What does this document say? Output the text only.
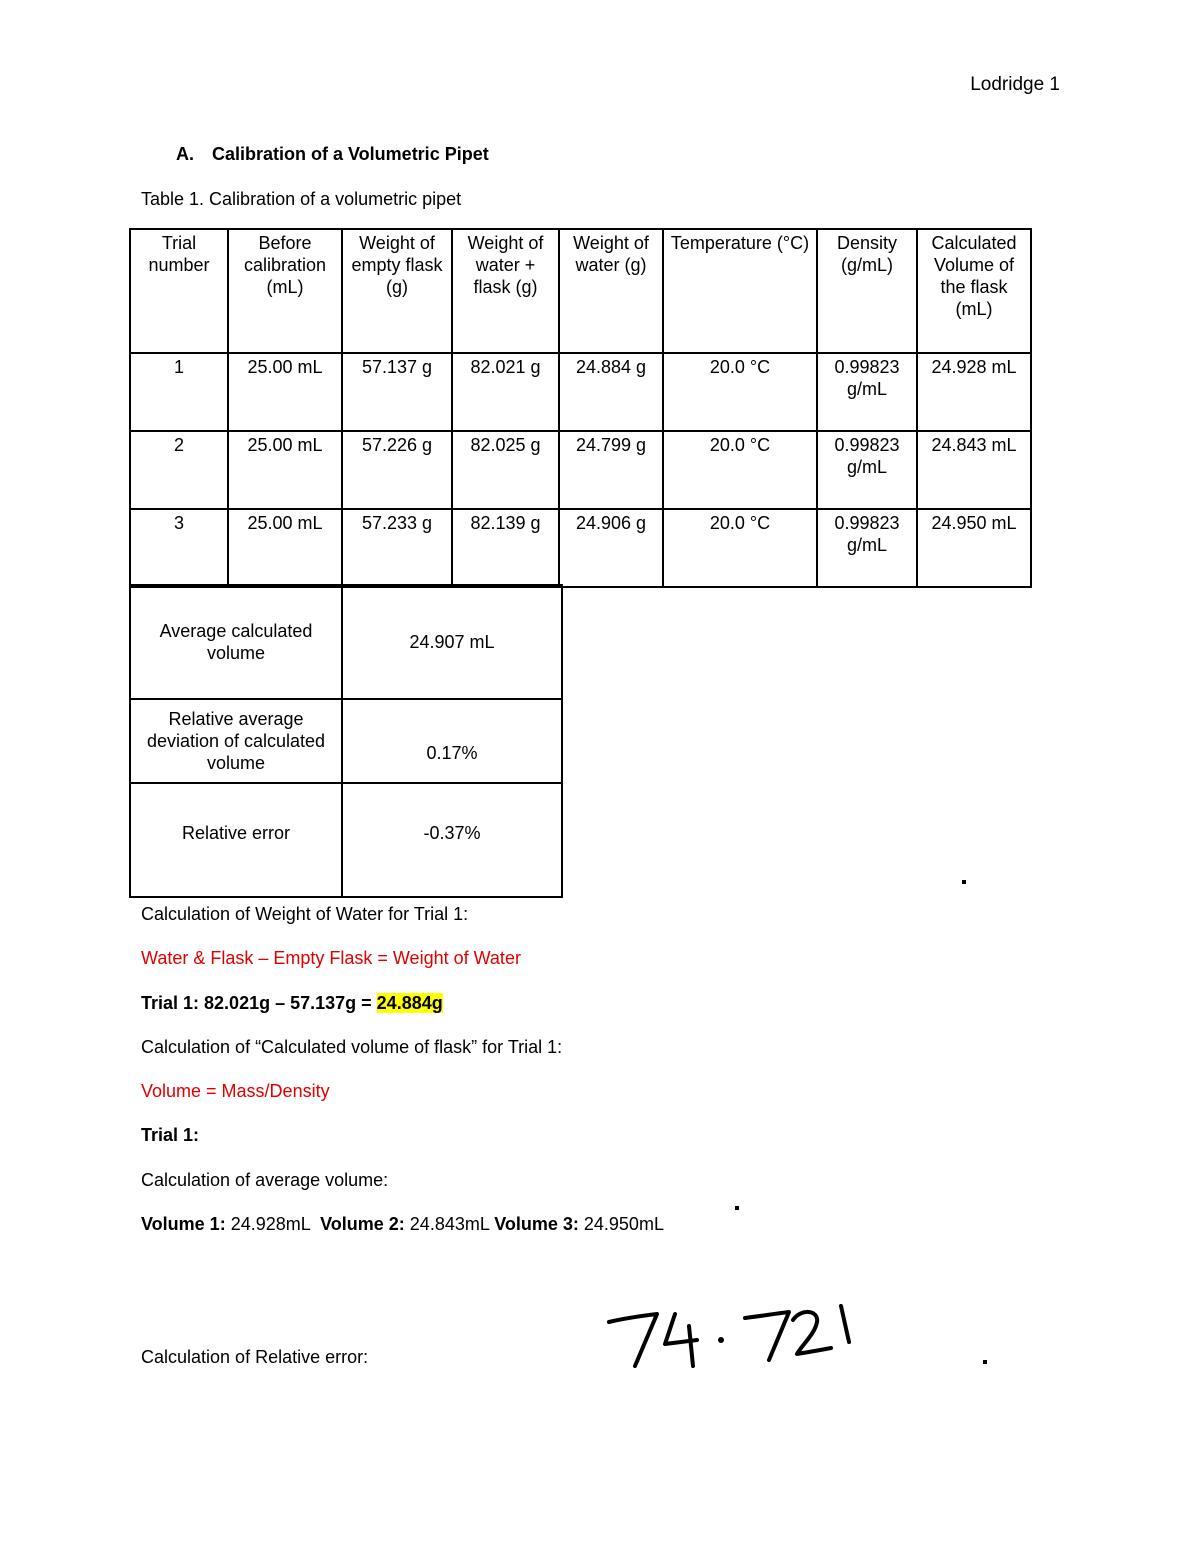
Lodridge 1
A. Calibration of a Volumetric Pipet
Table 1. Calibration of a volumetric pipet
Trial number	Before calibration (mL)	Weight of empty flask (g)	Weight of water + flask (g)	Weight of water (g)	Temperature (°C)	Density (g/mL)	Calculated Volume of the flask (mL)
1	25.00 mL	57.137 g	82.021 g	24.884 g	20.0 °C	0.99823 g/mL	24.928 mL
2	25.00 mL	57.226 g	82.025 g	24.799 g	20.0 °C	0.99823 g/mL	24.843 mL
3	25.00 mL	57.233 g	82.139 g	24.906 g	20.0 °C	0.99823 g/mL	24.950 mL
Average calculated volume	24.907 mL
Relative average deviation of calculated volume	0.17%
Relative error	-0.37%
Calculation of Weight of Water for Trial 1:
Water & Flask – Empty Flask = Weight of Water
Trial 1: 82.021g – 57.137g = 24.884g
Calculation of “Calculated volume of flask” for Trial 1:
Volume = Mass/Density
Trial 1:
Calculation of average volume:
Volume 1: 24.928mL  Volume 2: 24.843mL Volume 3: 24.950mL
Calculation of Relative error:
